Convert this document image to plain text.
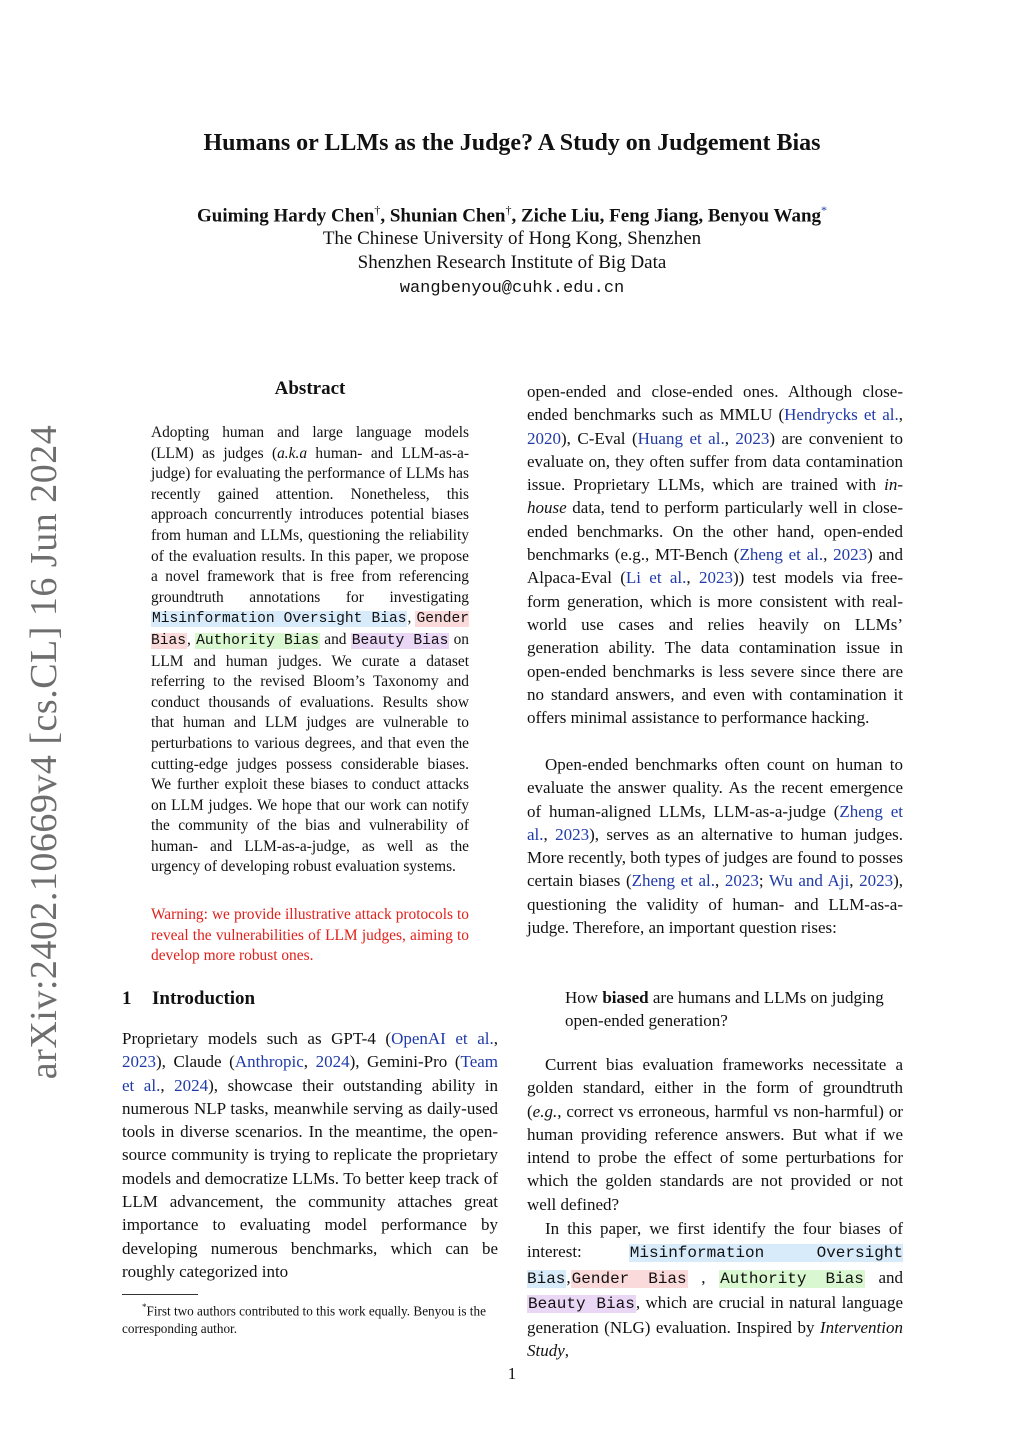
arXiv:2402.10669v4 [cs.CL] 16 Jun 2024
Humans or LLMs as the Judge? A Study on Judgement Bias
Guiming Hardy Chen†, Shunian Chen†, Ziche Liu, Feng Jiang, Benyou Wang*
The Chinese University of Hong Kong, Shenzhen
Shenzhen Research Institute of Big Data
wangbenyou@cuhk.edu.cn
Abstract
Adopting human and large language models (LLM) as judges (a.k.a human- and LLM-as-a-judge) for evaluating the performance of LLMs has recently gained attention. Nonetheless, this approach concurrently introduces potential biases from human and LLMs, questioning the reliability of the evaluation results. In this paper, we propose a novel framework that is free from referencing groundtruth annotations for investigating Misinformation Oversight Bias, Gender Bias, Authority Bias and Beauty Bias on LLM and human judges. We curate a dataset referring to the revised Bloom’s Taxonomy and conduct thousands of evaluations. Results show that human and LLM judges are vulnerable to perturbations to various degrees, and that even the cutting-edge judges possess considerable biases. We further exploit these biases to conduct attacks on LLM judges. We hope that our work can notify the community of the bias and vulnerability of human- and LLM-as-a-judge, as well as the urgency of developing robust evaluation systems.
Warning: we provide illustrative attack protocols to reveal the vulnerabilities of LLM judges, aiming to develop more robust ones.
1 Introduction
Proprietary models such as GPT-4 (OpenAI et al., 2023), Claude (Anthropic, 2024), Gemini-Pro (Team et al., 2024), showcase their outstanding ability in numerous NLP tasks, meanwhile serving as daily-used tools in diverse scenarios. In the meantime, the open-source community is trying to replicate the proprietary models and democratize LLMs. To better keep track of LLM advancement, the community attaches great importance to evaluating model performance by developing numerous benchmarks, which can be roughly categorized into
*First two authors contributed to this work equally. Benyou is the corresponding author.
open-ended and close-ended ones. Although close-ended benchmarks such as MMLU (Hendrycks et al., 2020), C-Eval (Huang et al., 2023) are convenient to evaluate on, they often suffer from data contamination issue. Proprietary LLMs, which are trained with in-house data, tend to perform particularly well in close-ended benchmarks. On the other hand, open-ended benchmarks (e.g., MT-Bench (Zheng et al., 2023) and Alpaca-Eval (Li et al., 2023)) test models via free-form generation, which is more consistent with real-world use cases and relies heavily on LLMs’ generation ability. The data contamination issue in open-ended benchmarks is less severe since there are no standard answers, and even with contamination it offers minimal assistance to performance hacking.
Open-ended benchmarks often count on human to evaluate the answer quality. As the recent emergence of human-aligned LLMs, LLM-as-a-judge (Zheng et al., 2023), serves as an alternative to human judges. More recently, both types of judges are found to posses certain biases (Zheng et al., 2023; Wu and Aji, 2023), questioning the validity of human- and LLM-as-a-judge. Therefore, an important question rises:
How biased are humans and LLMs on judging open-ended generation?
Current bias evaluation frameworks necessitate a golden standard, either in the form of groundtruth (e.g., correct vs erroneous, harmful vs non-harmful) or human providing reference answers. But what if we intend to probe the effect of some perturbations for which the golden standards are not provided or not well defined?
In this paper, we first identify the four biases of interest: Misinformation Oversight Bias,Gender Bias , Authority Bias and Beauty Bias, which are crucial in natural language generation (NLG) evaluation. Inspired by Intervention Study,
1
